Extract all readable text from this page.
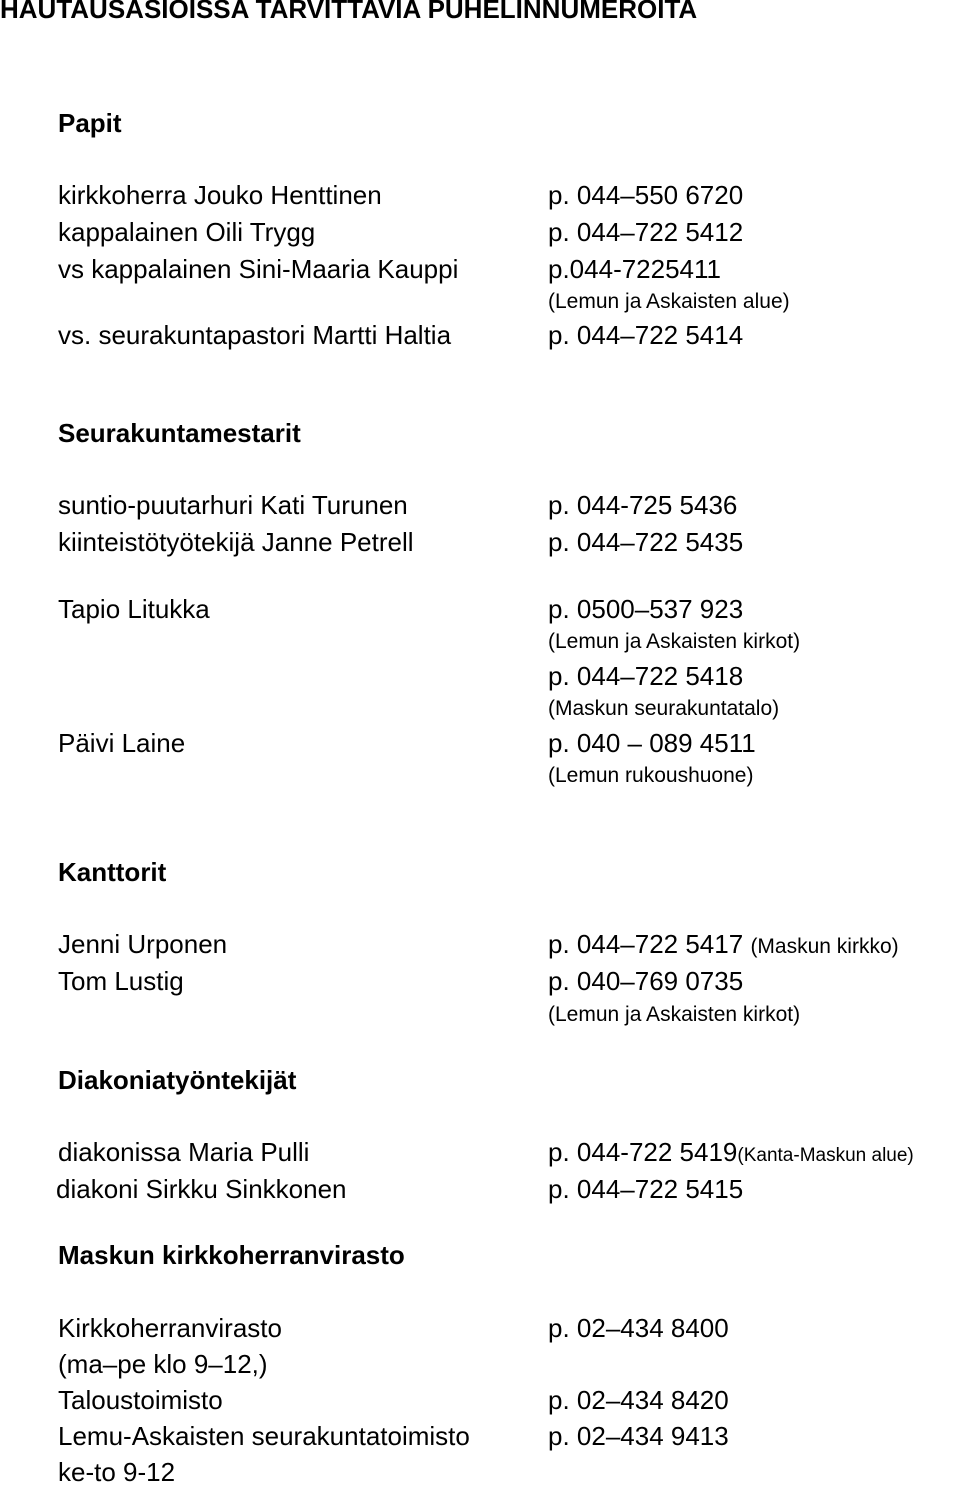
HAUTAUSASIOISSA TARVITTAVIA PUHELINNUMEROITA
Papit
kirkkoherra Jouko Henttinen	p. 044–550 6720
kappalainen Oili Trygg	p. 044–722 5412
vs kappalainen Sini-Maaria Kauppi	p.044-7225411
(Lemun ja Askaisten alue)
vs. seurakuntapastori Martti Haltia	p. 044–722 5414
Seurakuntamestarit
suntio-puutarhuri Kati Turunen	p. 044-725 5436
kiinteistötyötekijä Janne Petrell	p. 044–722 5435
Tapio Litukka	p. 0500–537 923
(Lemun ja Askaisten kirkot)
p. 044–722 5418
(Maskun seurakuntatalo)
Päivi Laine	p. 040 – 089 4511
(Lemun rukoushuone)
Kanttorit
Jenni Urponen	p. 044–722 5417 (Maskun kirkko)
Tom Lustig	p. 040–769 0735
(Lemun ja Askaisten kirkot)
Diakoniatyöntekijät
diakonissa Maria Pulli	p. 044-722 5419(Kanta-Maskun alue)
diakoni Sirkku Sinkkonen	p. 044–722 5415
Maskun kirkkoherranvirasto
Kirkkoherranvirasto	p. 02–434 8400
(ma–pe klo 9–12,)
Taloustoimisto	p. 02–434 8420
Lemu-Askaisten seurakuntatoimisto	p. 02–434 9413
ke-to 9-12
